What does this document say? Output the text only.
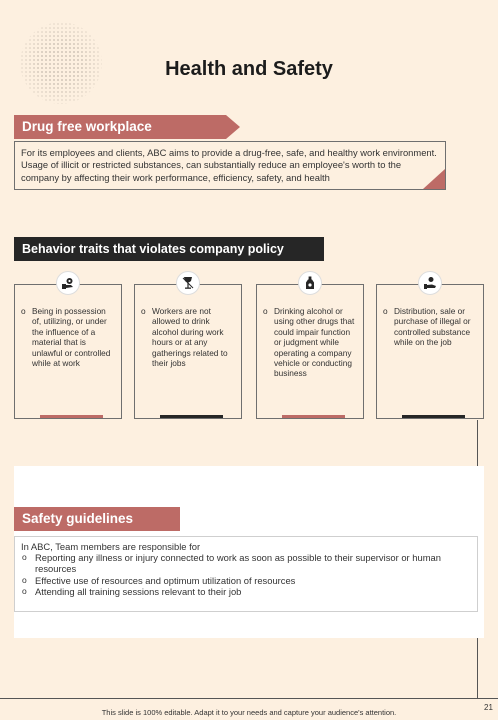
Health and Safety
Drug free workplace
For its employees and clients, ABC aims to provide a drug-free, safe, and healthy work environment. Usage of illicit or restricted substances, can substantially reduce an employee's worth to the company by affecting their work performance, efficiency, safety, and health
Behavior traits that violates company policy
o Being in possession of, utilizing, or under the influence of a material that is unlawful or controlled while at work
o Workers are not allowed to drink alcohol during work hours or at any gatherings related to their jobs
o Drinking alcohol or using other drugs that could impair function or judgment while operating a company vehicle or conducting business
o Distribution, sale or purchase of illegal or controlled substance while on the job
Safety guidelines
In ABC, Team members are responsible for
o Reporting any illness or injury connected to work as soon as possible to their supervisor or human resources
o Effective use of resources and optimum utilization of resources
o Attending all training sessions relevant to their job
This slide is 100% editable. Adapt it to your needs and capture your audience's attention.
21
